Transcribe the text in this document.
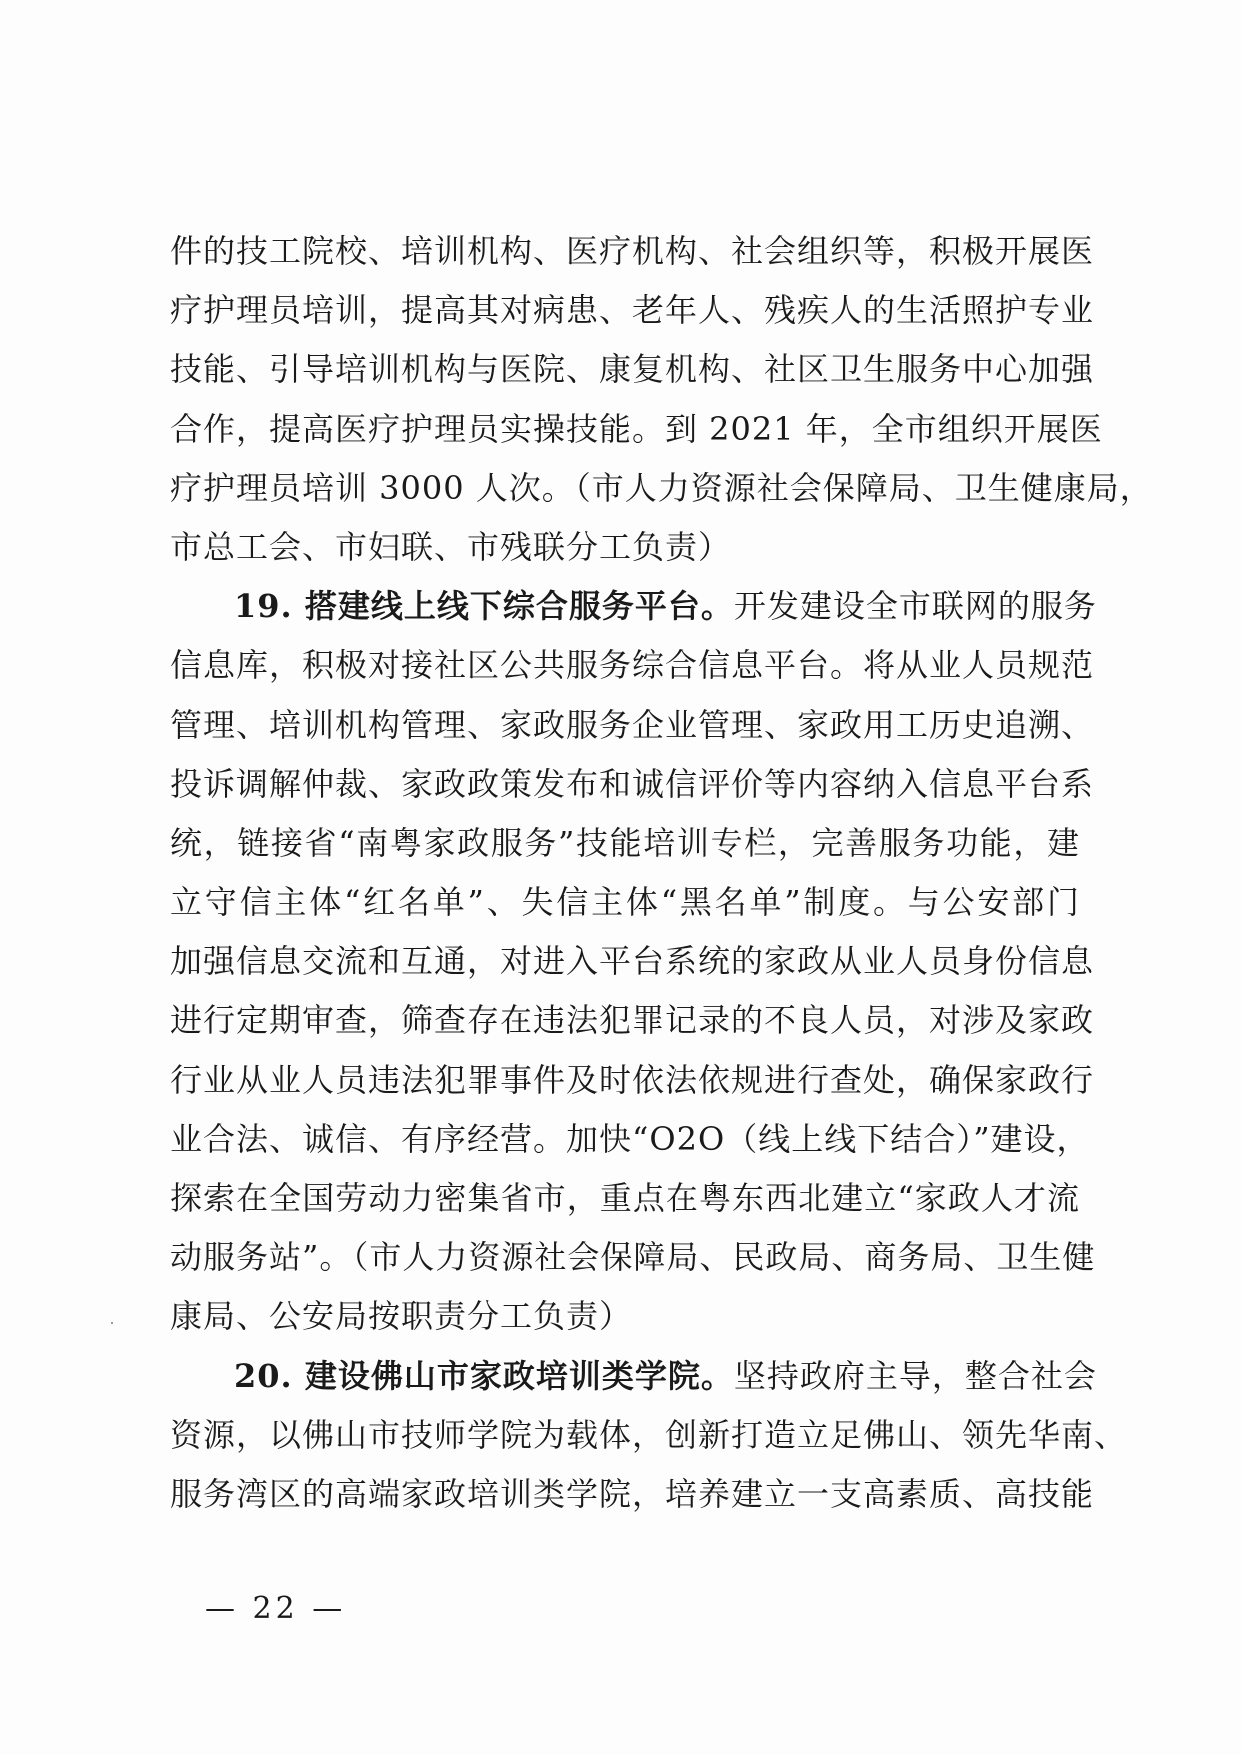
件的技工院校、培训机构、医疗机构、社会组织等，积极开展医
疗护理员培训，提高其对病患、老年人、残疾人的生活照护专业
技能、引导培训机构与医院、康复机构、社区卫生服务中心加强
合作，提高医疗护理员实操技能。到 2021 年，全市组织开展医
疗护理员培训 3000 人次。（市人力资源社会保障局、卫生健康局，
市总工会、市妇联、市残联分工负责）
19. 搭建线上线下综合服务平台。开发建设全市联网的服务
信息库，积极对接社区公共服务综合信息平台。将从业人员规范
管理、培训机构管理、家政服务企业管理、家政用工历史追溯、
投诉调解仲裁、家政政策发布和诚信评价等内容纳入信息平台系
统，链接省“南粤家政服务”技能培训专栏，完善服务功能，建
立守信主体“红名单”、失信主体“黑名单”制度。与公安部门
加强信息交流和互通，对进入平台系统的家政从业人员身份信息
进行定期审查，筛查存在违法犯罪记录的不良人员，对涉及家政
行业从业人员违法犯罪事件及时依法依规进行查处，确保家政行
业合法、诚信、有序经营。加快“O2O（线上线下结合）”建设，
探索在全国劳动力密集省市，重点在粤东西北建立“家政人才流
动服务站”。（市人力资源社会保障局、民政局、商务局、卫生健
康局、公安局按职责分工负责）
20. 建设佛山市家政培训类学院。坚持政府主导，整合社会
资源，以佛山市技师学院为载体，创新打造立足佛山、领先华南、
服务湾区的高端家政培训类学院，培养建立一支高素质、高技能
— 22 —
